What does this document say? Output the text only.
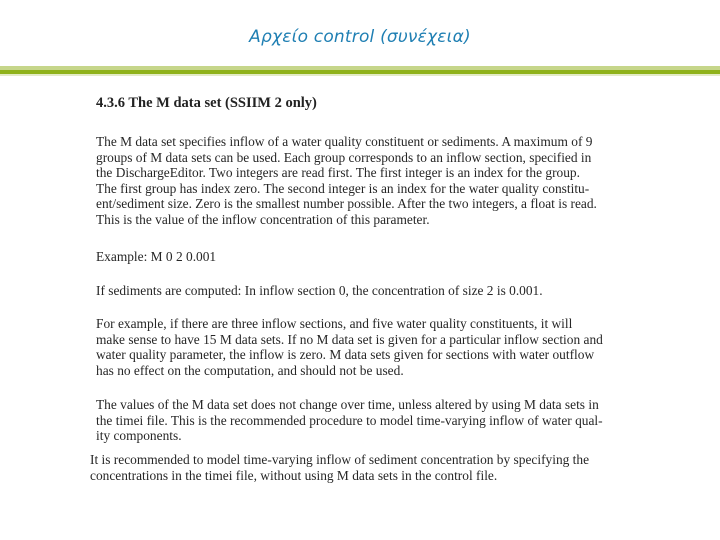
Αρχείο control (συνέχεια)
4.3.6 The M data set (SSIIM 2 only)
The M data set specifies inflow of a water quality constituent or sediments. A maximum of 9
groups of M data sets can be used. Each group corresponds to an inflow section, specified in
the DischargeEditor. Two integers are read first. The first integer is an index for the group.
The first group has index zero. The second integer is an index for the water quality constitu-
ent/sediment size. Zero is the smallest number possible. After the two integers, a float is read.
This is the value of the inflow concentration of this parameter.
Example: M 0 2 0.001
If sediments are computed: In inflow section 0, the concentration of size 2 is 0.001.
For example, if there are three inflow sections, and five water quality constituents, it will
make sense to have 15 M data sets. If no M data set is given for a particular inflow section and
water quality parameter, the inflow is zero. M data sets given for sections with water outflow
has no effect on the computation, and should not be used.
The values of the M data set does not change over time, unless altered by using M data sets in
the timei file. This is the recommended procedure to model time-varying inflow of water qual-
ity components.
It is recommended to model time-varying inflow of sediment concentration by specifying the
concentrations in the timei file, without using M data sets in the control file.
